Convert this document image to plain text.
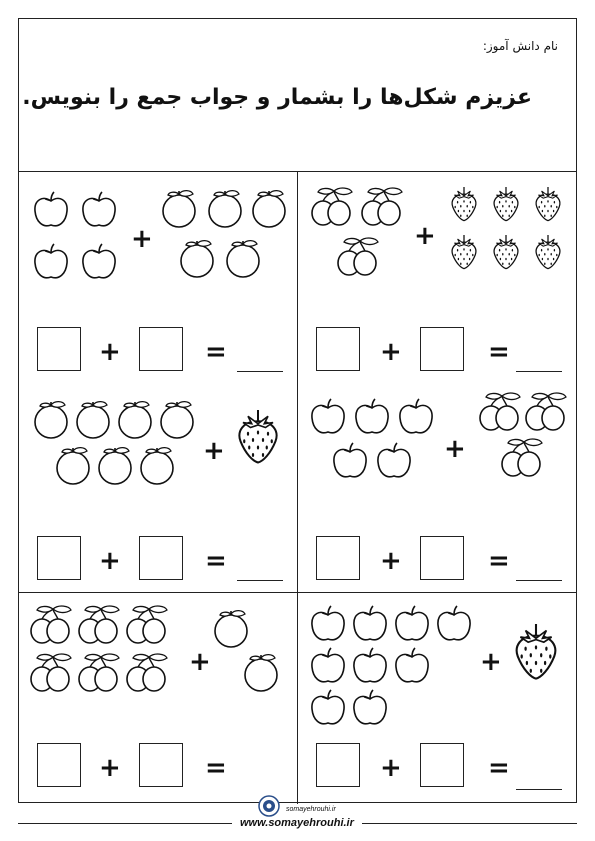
نام دانش آموز:
عزیزم شکل‌ها را بشمار و جواب جمع را بنویس.
+
+	=
+
+	=
+
+	=
+
+	=
+
+	=
+
+	=
somayehrouhi.ir
www.somayehrouhi.ir
